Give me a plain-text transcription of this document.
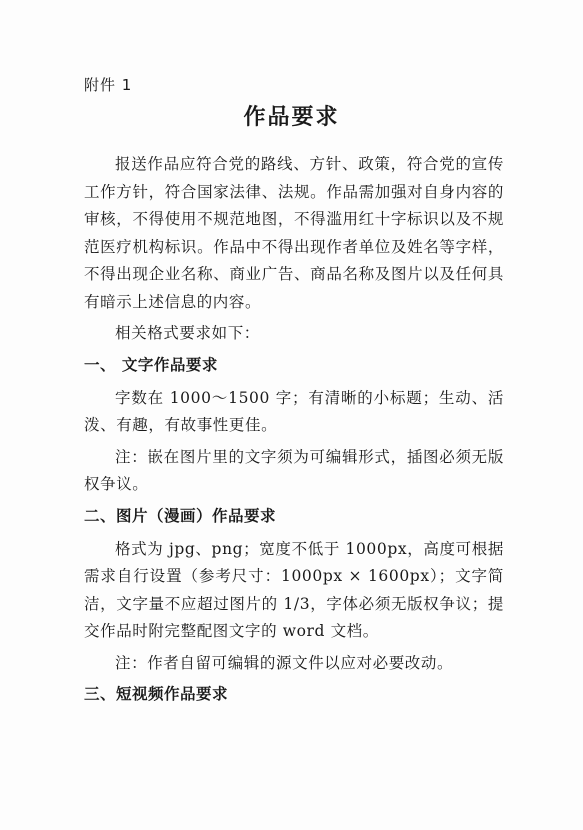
附件 1
作品要求

报送作品应符合党的路线、方针、政策，符合党的宣传工作方针，符合国家法律、法规。作品需加强对自身内容的审核，不得使用不规范地图，不得滥用红十字标识以及不规范医疗机构标识。作品中不得出现作者单位及姓名等字样，不得出现企业名称、商业广告、商品名称及图片以及任何具有暗示上述信息的内容。

相关格式要求如下：

一、 文字作品要求

字数在 1000～1500 字；有清晰的小标题；生动、活泼、有趣，有故事性更佳。

注：嵌在图片里的文字须为可编辑形式，插图必须无版权争议。

二、图片（漫画）作品要求

格式为 jpg、png；宽度不低于 1000px，高度可根据需求自行设置（参考尺寸：1000px × 1600px）；文字简洁，文字量不应超过图片的 1/3，字体必须无版权争议；提交作品时附完整配图文字的 word 文档。

注：作者自留可编辑的源文件以应对必要改动。

三、短视频作品要求
